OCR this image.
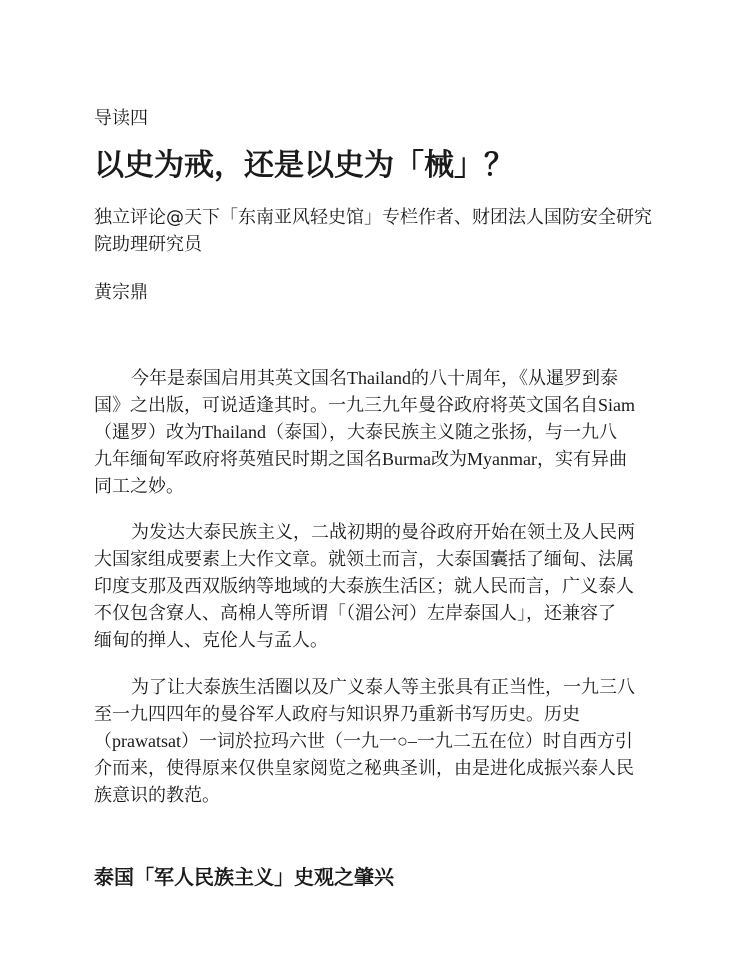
导读四
以史为戒，还是以史为「械」？

独立评论@天下「东南亚风轻史馆」专栏作者、财团法人国防安全研究院助理研究员

黄宗鼎

今年是泰国启用其英文国名Thailand的八十周年，《从暹罗到泰
国》之出版，可说适逢其时。一九三九年曼谷政府将英文国名自Siam
（暹罗）改为Thailand（泰国），大泰民族主义随之张扬，与一九八
九年缅甸军政府将英殖民时期之国名Burma改为Myanmar，实有异曲
同工之妙。

为发达大泰民族主义，二战初期的曼谷政府开始在领土及人民两
大国家组成要素上大作文章。就领土而言，大泰国囊括了缅甸、法属
印度支那及西双版纳等地域的大泰族生活区；就人民而言，广义泰人
不仅包含寮人、高棉人等所谓「（湄公河）左岸泰国人」，还兼容了
缅甸的掸人、克伦人与孟人。

为了让大泰族生活圈以及广义泰人等主张具有正当性，一九三八
至一九四四年的曼谷军人政府与知识界乃重新书写历史。历史
（prawatsat）一词於拉玛六世（一九一○–一九二五在位）时自西方引
介而来，使得原来仅供皇家阅览之秘典圣训，由是进化成振兴泰人民
族意识的教范。

泰国「军人民族主义」史观之肇兴
